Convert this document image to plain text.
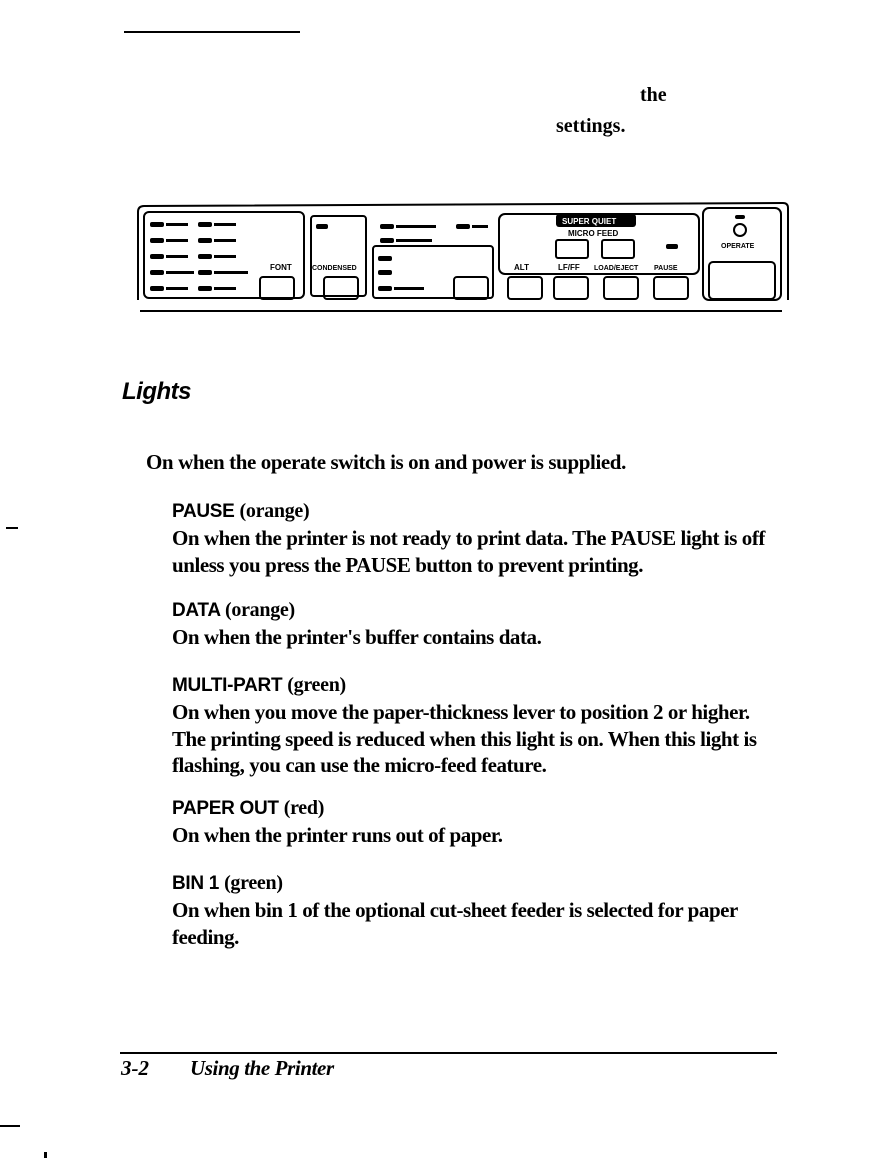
the
settings.
SUPER QUIET
MICRO FEED
FONT	CONDENSED	ALT	LF/FF LOAD/EJECT PAUSE
OPERATE
Lights
On when the operate switch is on and power is supplied.
PAUSE (orange)
On when the printer is not ready to print data. The PAUSE light is off unless you press the PAUSE button to prevent printing.
DATA (orange)
On when the printer's buffer contains data.
MULTI-PART (green)
On when you move the paper-thickness lever to position 2 or higher. The printing speed is reduced when this light is on. When this light is flashing, you can use the micro-feed feature.
PAPER OUT (red)
On when the printer runs out of paper.
BIN 1 (green)
On when bin 1 of the optional cut-sheet feeder is selected for paper feeding.
3-2 Using the Printer
